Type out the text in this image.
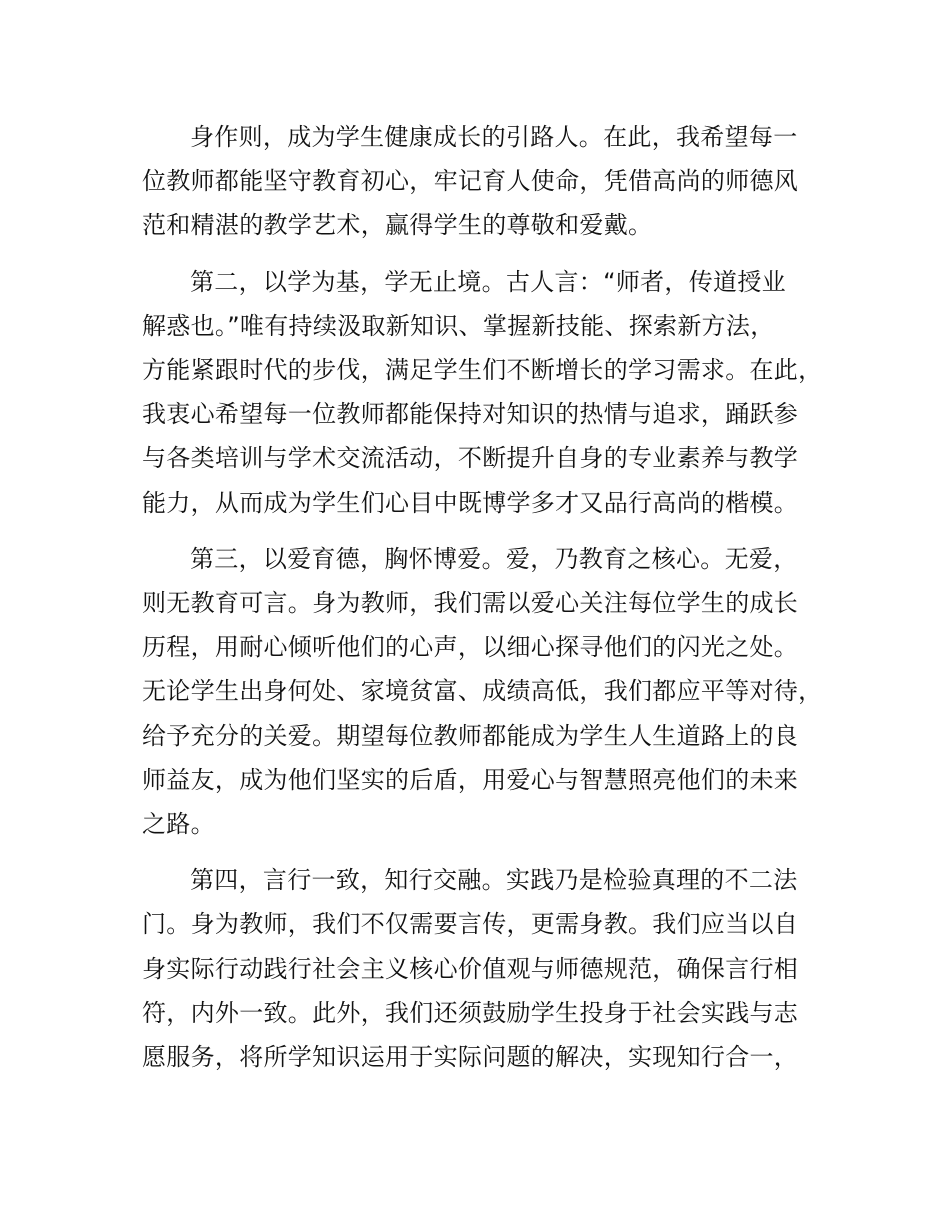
身作则，成为学生健康成长的引路人。在此，我希望每一
位教师都能坚守教育初心，牢记育人使命，凭借高尚的师德风
范和精湛的教学艺术，赢得学生的尊敬和爱戴。

第二，以学为基，学无止境。古人言：“师者，传道授业
解惑也。”唯有持续汲取新知识、掌握新技能、探索新方法，
方能紧跟时代的步伐，满足学生们不断增长的学习需求。在此，
我衷心希望每一位教师都能保持对知识的热情与追求，踊跃参
与各类培训与学术交流活动，不断提升自身的专业素养与教学
能力，从而成为学生们心目中既博学多才又品行高尚的楷模。

第三，以爱育德，胸怀博爱。爱，乃教育之核心。无爱，
则无教育可言。身为教师，我们需以爱心关注每位学生的成长
历程，用耐心倾听他们的心声，以细心探寻他们的闪光之处。
无论学生出身何处、家境贫富、成绩高低，我们都应平等对待，
给予充分的关爱。期望每位教师都能成为学生人生道路上的良
师益友，成为他们坚实的后盾，用爱心与智慧照亮他们的未来
之路。

第四，言行一致，知行交融。实践乃是检验真理的不二法
门。身为教师，我们不仅需要言传，更需身教。我们应当以自
身实际行动践行社会主义核心价值观与师德规范，确保言行相
符，内外一致。此外，我们还须鼓励学生投身于社会实践与志
愿服务，将所学知识运用于实际问题的解决，实现知行合一，
